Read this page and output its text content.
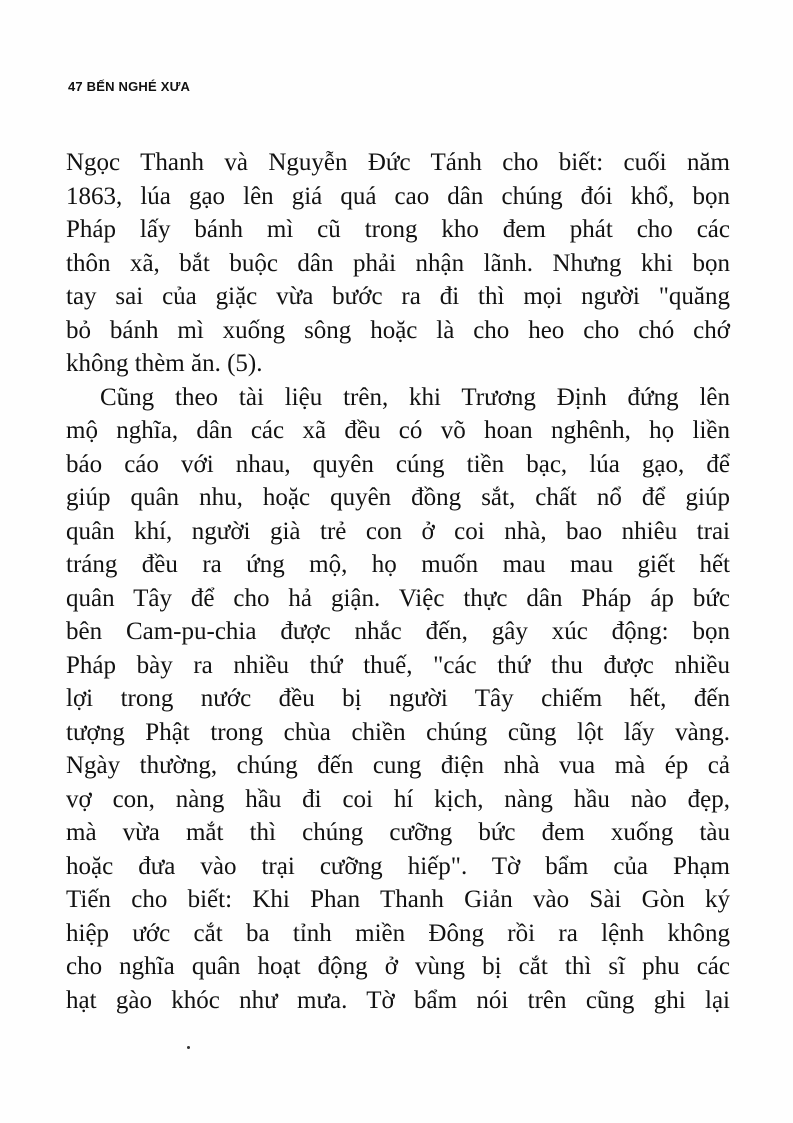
47 BẾN NGHÉ XƯA
Ngọc Thanh và Nguyễn Đức Tánh cho biết: cuối năm
1863, lúa gạo lên giá quá cao dân chúng đói khổ, bọn
Pháp lấy bánh mì cũ trong kho đem phát cho các
thôn xã, bắt buộc dân phải nhận lãnh. Nhưng khi bọn
tay sai của giặc vừa bước ra đi thì mọi người "quăng
bỏ bánh mì xuống sông hoặc là cho heo cho chó chớ
không thèm ăn. (5).
Cũng theo tài liệu trên, khi Trương Định đứng lên
mộ nghĩa, dân các xã đều có võ hoan nghênh, họ liền
báo cáo với nhau, quyên cúng tiền bạc, lúa gạo, để
giúp quân nhu, hoặc quyên đồng sắt, chất nổ để giúp
quân khí, người già trẻ con ở coi nhà, bao nhiêu trai
tráng đều ra ứng mộ, họ muốn mau mau giết hết
quân Tây để cho hả giận. Việc thực dân Pháp áp bức
bên Cam-pu-chia được nhắc đến, gây xúc động: bọn
Pháp bày ra nhiều thứ thuế, "các thứ thu được nhiều
lợi trong nước đều bị người Tây chiếm hết, đến
tượng Phật trong chùa chiền chúng cũng lột lấy vàng.
Ngày thường, chúng đến cung điện nhà vua mà ép cả
vợ con, nàng hầu đi coi hí kịch, nàng hầu nào đẹp,
mà vừa mắt thì chúng cưỡng bức đem xuống tàu
hoặc đưa vào trại cưỡng hiếp". Tờ bẩm của Phạm
Tiến cho biết: Khi Phan Thanh Giản vào Sài Gòn ký
hiệp ước cắt ba tỉnh miền Đông rồi ra lệnh không
cho nghĩa quân hoạt động ở vùng bị cắt thì sĩ phu các
hạt gào khóc như mưa. Tờ bẩm nói trên cũng ghi lại
